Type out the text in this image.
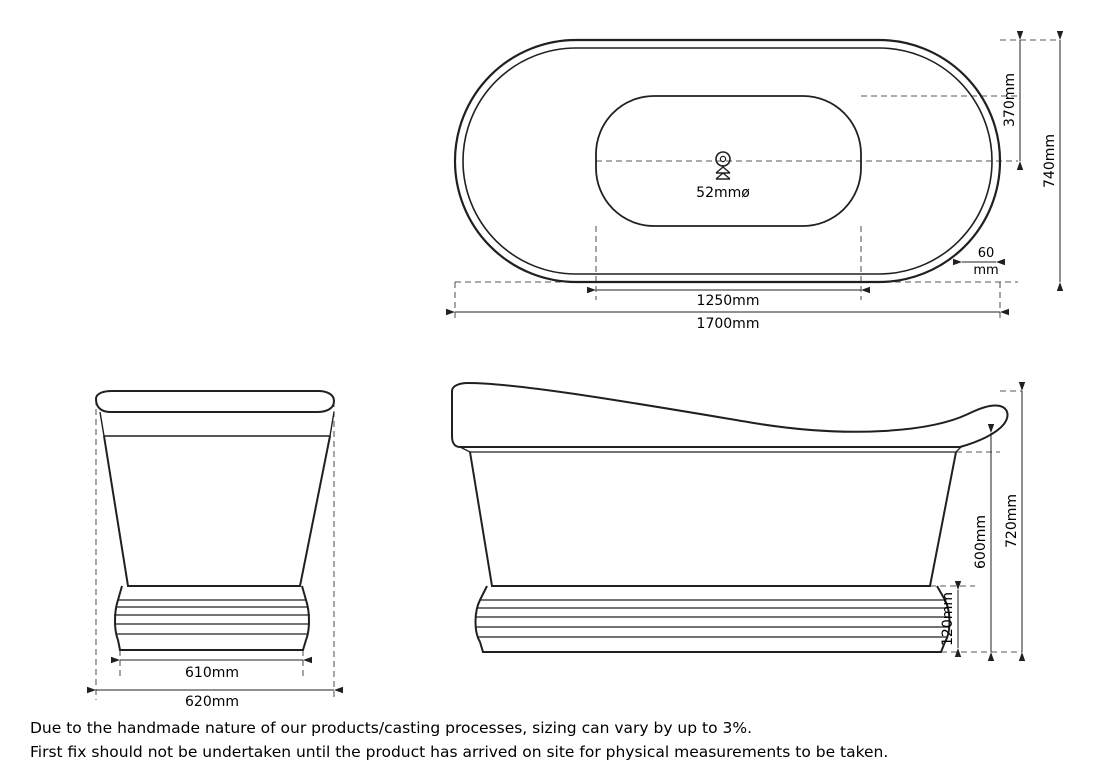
52mmø
370mm
740mm
60
mm
1250mm
1700mm
610mm
620mm
120mm
600mm 720mm
Due to the handmade nature of our products/casting processes, sizing can vary by up to 3%.
First fix should not be undertaken until the product has arrived on site for physical measurements to be taken.
